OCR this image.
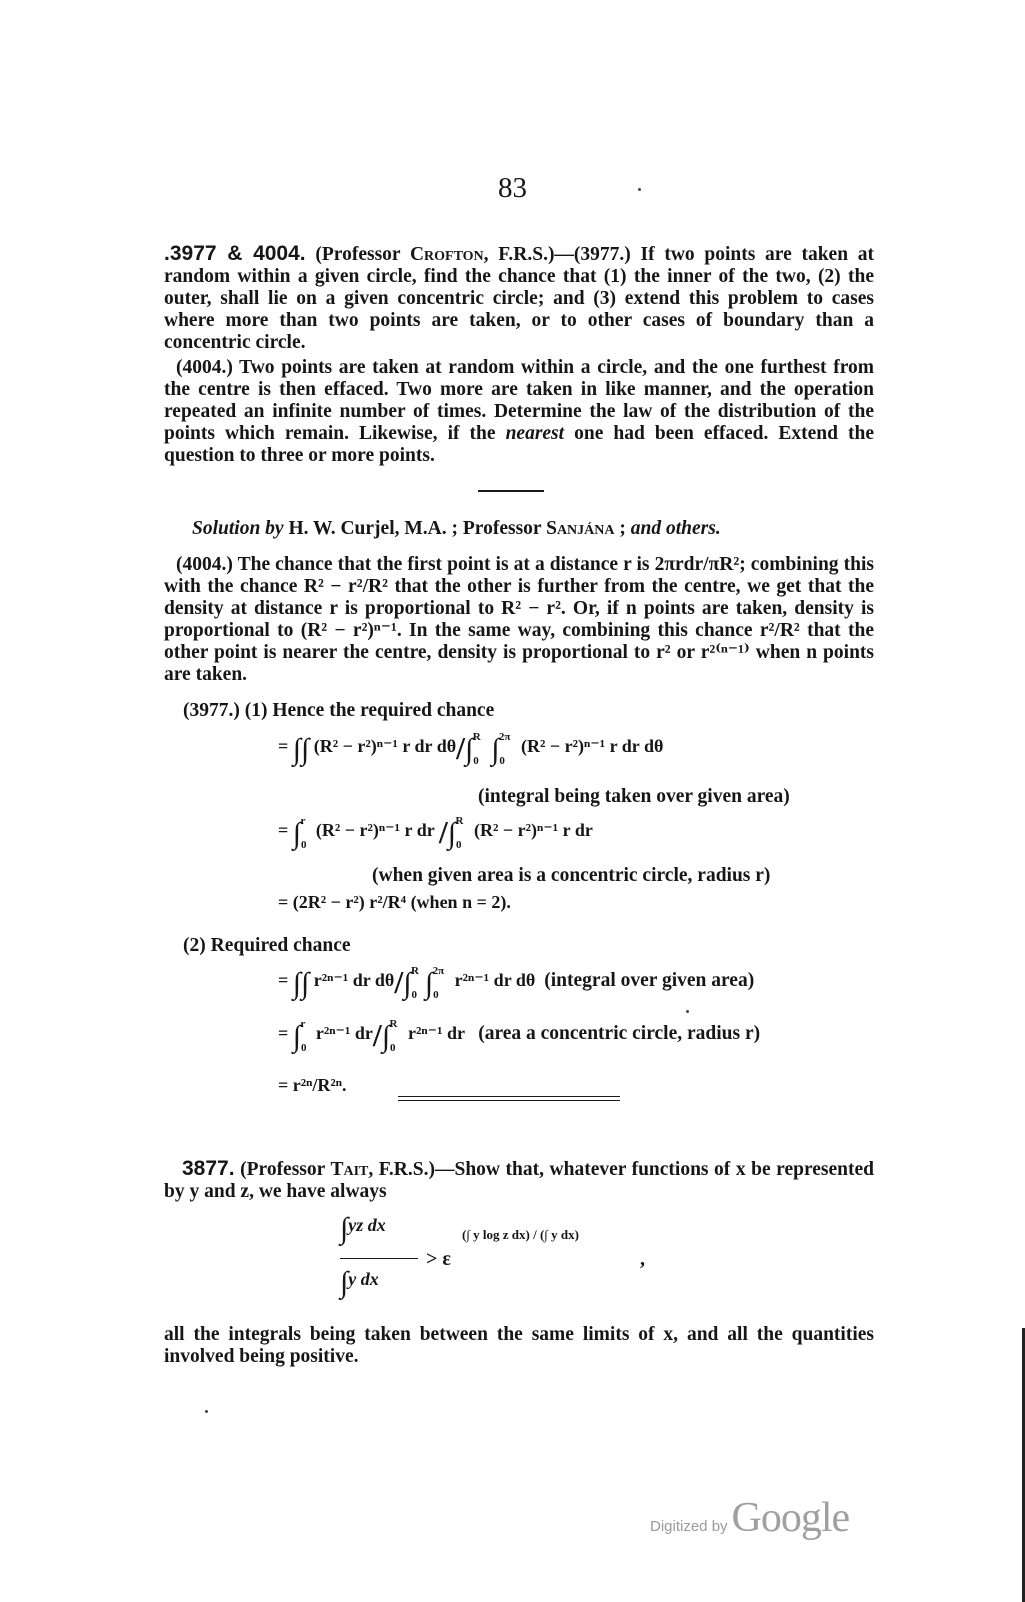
83
.3977 & 4004. (Professor Crofton, F.R.S.)—(3977.) If two points are taken at random within a given circle, find the chance that (1) the inner of the two, (2) the outer, shall lie on a given concentric circle; and (3) extend this problem to cases where more than two points are taken, or to other cases of boundary than a concentric circle.
(4004.) Two points are taken at random within a circle, and the one furthest from the centre is then effaced. Two more are taken in like manner, and the operation repeated an infinite number of times. Determine the law of the distribution of the points which remain. Likewise, if the nearest one had been effaced. Extend the question to three or more points.
Solution by H. W. Curjel, M.A. ; Professor Sanjána ; and others.
(4004.) The chance that the first point is at a distance r is 2πrdr/πR²; combining this with the chance R² − r²/R² that the other is further from the centre, we get that the density at distance r is proportional to R² − r². Or, if n points are taken, density is proportional to (R² − r²)ⁿ⁻¹. In the same way, combining this chance r²/R² that the other point is nearer the centre, density is proportional to r² or r²⁽ⁿ⁻¹⁾ when n points are taken.
(3977.) (1) Hence the required chance
= ∫∫ (R² − r²)ⁿ⁻¹ r dr $d\theta/\int_0^R$ $\int_0^{2\pi}$ (R² − r²)ⁿ⁻¹ r dr dθ
(integral being taken over given area)
= $\int_0^r$ (R² − r²)ⁿ⁻¹ r dr $/\int_0^R$ (R² − r²)ⁿ⁻¹ r dr
(when given area is a concentric circle, radius r)
= (2R² − r²) r²/R⁴ (when n = 2).
(2) Required chance
= ∫∫ r²ⁿ⁻¹ dr $d\theta/\int_0^R$ $\int_0^{2\pi}$ r²ⁿ⁻¹ dr dθ (integral over given area)
= $\int_0^r$ r²ⁿ⁻¹ $dr/\int_0^R$ r²ⁿ⁻¹ dr (area a concentric circle, radius r)
= r²ⁿ/R²ⁿ.
3877. (Professor Tait, F.R.S.)—Show that, whatever functions of x be represented by y and z, we have always
∫yz dx
∫y dx
> ε
(∫ y log z dx) / (∫ y dx)
,
all the integrals being taken between the same limits of x, and all the quantities involved being positive.
Digitized by Google
